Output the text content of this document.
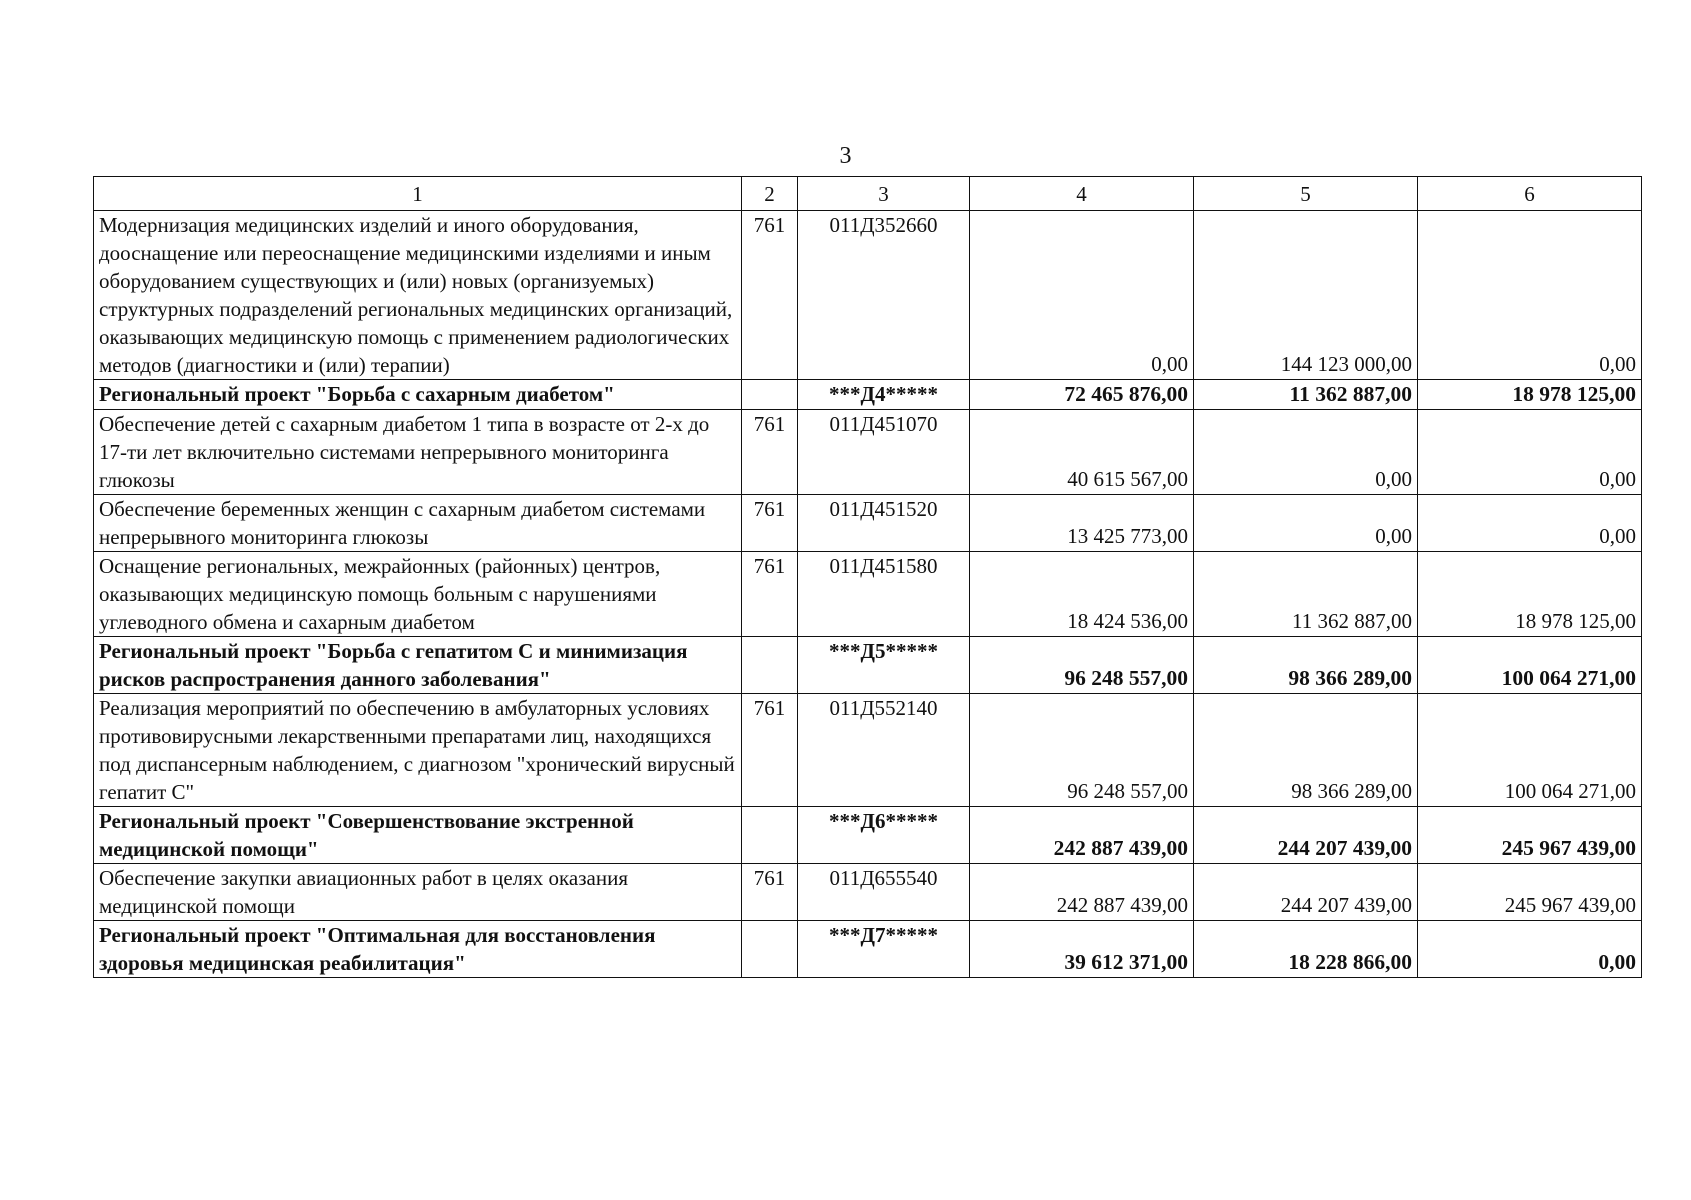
3
1	2	3	4	5	6
Модернизация медицинских изделий и иного оборудования, дооснащение или переоснащение медицинскими изделиями и иным оборудованием существующих и (или) новых (организуемых) структурных подразделений региональных медицинских организаций, оказывающих медицинскую помощь с применением радиологических методов (диагностики и (или) терапии)	761	011Д352660	0,00	144 123 000,00	0,00
Региональный проект "Борьба с сахарным диабетом"		***Д4*****	72 465 876,00	11 362 887,00	18 978 125,00
Обеспечение детей с сахарным диабетом 1 типа в возрасте от 2-х до 17-ти лет включительно системами непрерывного мониторинга глюкозы	761	011Д451070	40 615 567,00	0,00	0,00
Обеспечение беременных женщин с сахарным диабетом системами непрерывного мониторинга глюкозы	761	011Д451520	13 425 773,00	0,00	0,00
Оснащение региональных, межрайонных (районных) центров, оказывающих медицинскую помощь больным с нарушениями углеводного обмена и сахарным диабетом	761	011Д451580	18 424 536,00	11 362 887,00	18 978 125,00
Региональный проект "Борьба с гепатитом С и минимизация рисков распространения данного заболевания"		***Д5*****	96 248 557,00	98 366 289,00	100 064 271,00
Реализация мероприятий по обеспечению в амбулаторных условиях противовирусными лекарственными препаратами лиц, находящихся под диспансерным наблюдением, с диагнозом "хронический вирусный гепатит С"	761	011Д552140	96 248 557,00	98 366 289,00	100 064 271,00
Региональный проект "Совершенствование экстренной медицинской помощи"		***Д6*****	242 887 439,00	244 207 439,00	245 967 439,00
Обеспечение закупки авиационных работ в целях оказания медицинской помощи	761	011Д655540	242 887 439,00	244 207 439,00	245 967 439,00
Региональный проект "Оптимальная для восстановления здоровья медицинская реабилитация"		***Д7*****	39 612 371,00	18 228 866,00	0,00
